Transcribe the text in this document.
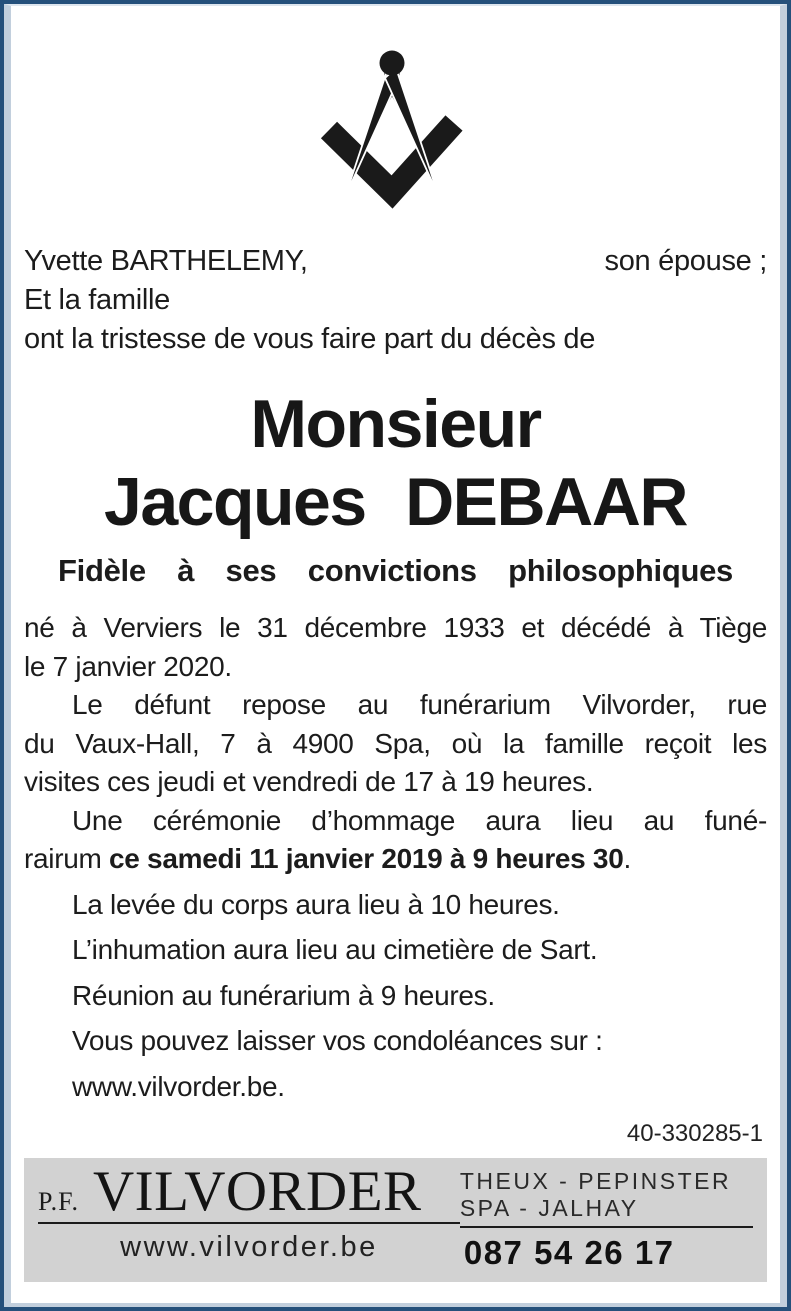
Yvette BARTHELEMY,	son épouse ;
Et la famille
ont la tristesse de vous faire part du décès de
Monsieur
Jacques DEBAAR
Fidèle à ses convictions philosophiques
né à Verviers le 31 décembre 1933 et décédé à Tiège
le 7 janvier 2020.
Le défunt repose au funérarium Vilvorder, rue
du Vaux-Hall, 7 à 4900 Spa, où la famille reçoit les
visites ces jeudi et vendredi de 17 à 19 heures.
Une cérémonie d’hommage aura lieu au funé-
rairum ce samedi 11 janvier 2019 à 9 heures 30.
La levée du corps aura lieu à 10 heures.
L’inhumation aura lieu au cimetière de Sart.
Réunion au funérarium à 9 heures.
Vous pouvez laisser vos condoléances sur :
www.vilvorder.be.
40-330285-1
P.F. VILVORDER
www.vilvorder.be
THEUX - PEPINSTER
SPA - JALHAY
087 54 26 17
